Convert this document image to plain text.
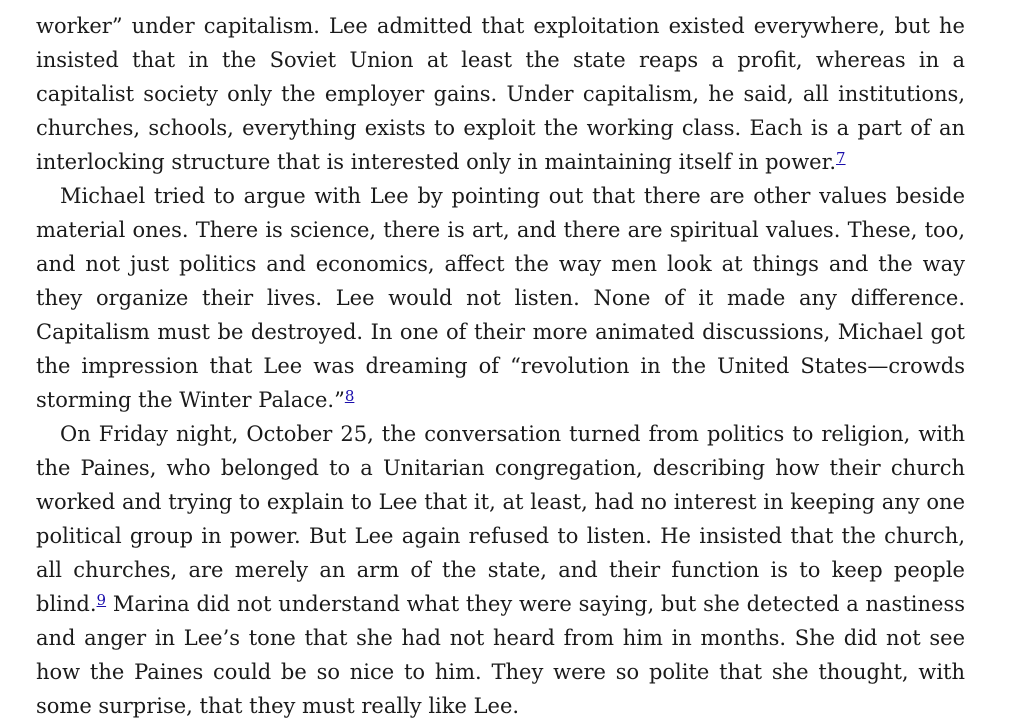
worker” under capitalism. Lee admitted that exploitation existed everywhere, but he insisted that in the Soviet Union at least the state reaps a profit, whereas in a capitalist society only the employer gains. Under capitalism, he said, all institutions, churches, schools, everything exists to exploit the working class. Each is a part of an interlocking structure that is interested only in maintaining itself in power.$^7$

Michael tried to argue with Lee by pointing out that there are other values beside material ones. There is science, there is art, and there are spiritual values. These, too, and not just politics and economics, affect the way men look at things and the way they organize their lives. Lee would not listen. None of it made any difference. Capitalism must be destroyed. In one of their more animated discussions, Michael got the impression that Lee was dreaming of “revolution in the United States—crowds storming the Winter Palace.”$^8$

On Friday night, October 25, the conversation turned from politics to religion, with the Paines, who belonged to a Unitarian congregation, describing how their church worked and trying to explain to Lee that it, at least, had no interest in keeping any one political group in power. But Lee again refused to listen. He insisted that the church, all churches, are merely an arm of the state, and their function is to keep people blind.$^9$ Marina did not understand what they were saying, but she detected a nastiness and anger in Lee’s tone that she had not heard from him in months. She did not see how the Paines could be so nice to him. They were so polite that she thought, with some surprise, that they must really like Lee.
